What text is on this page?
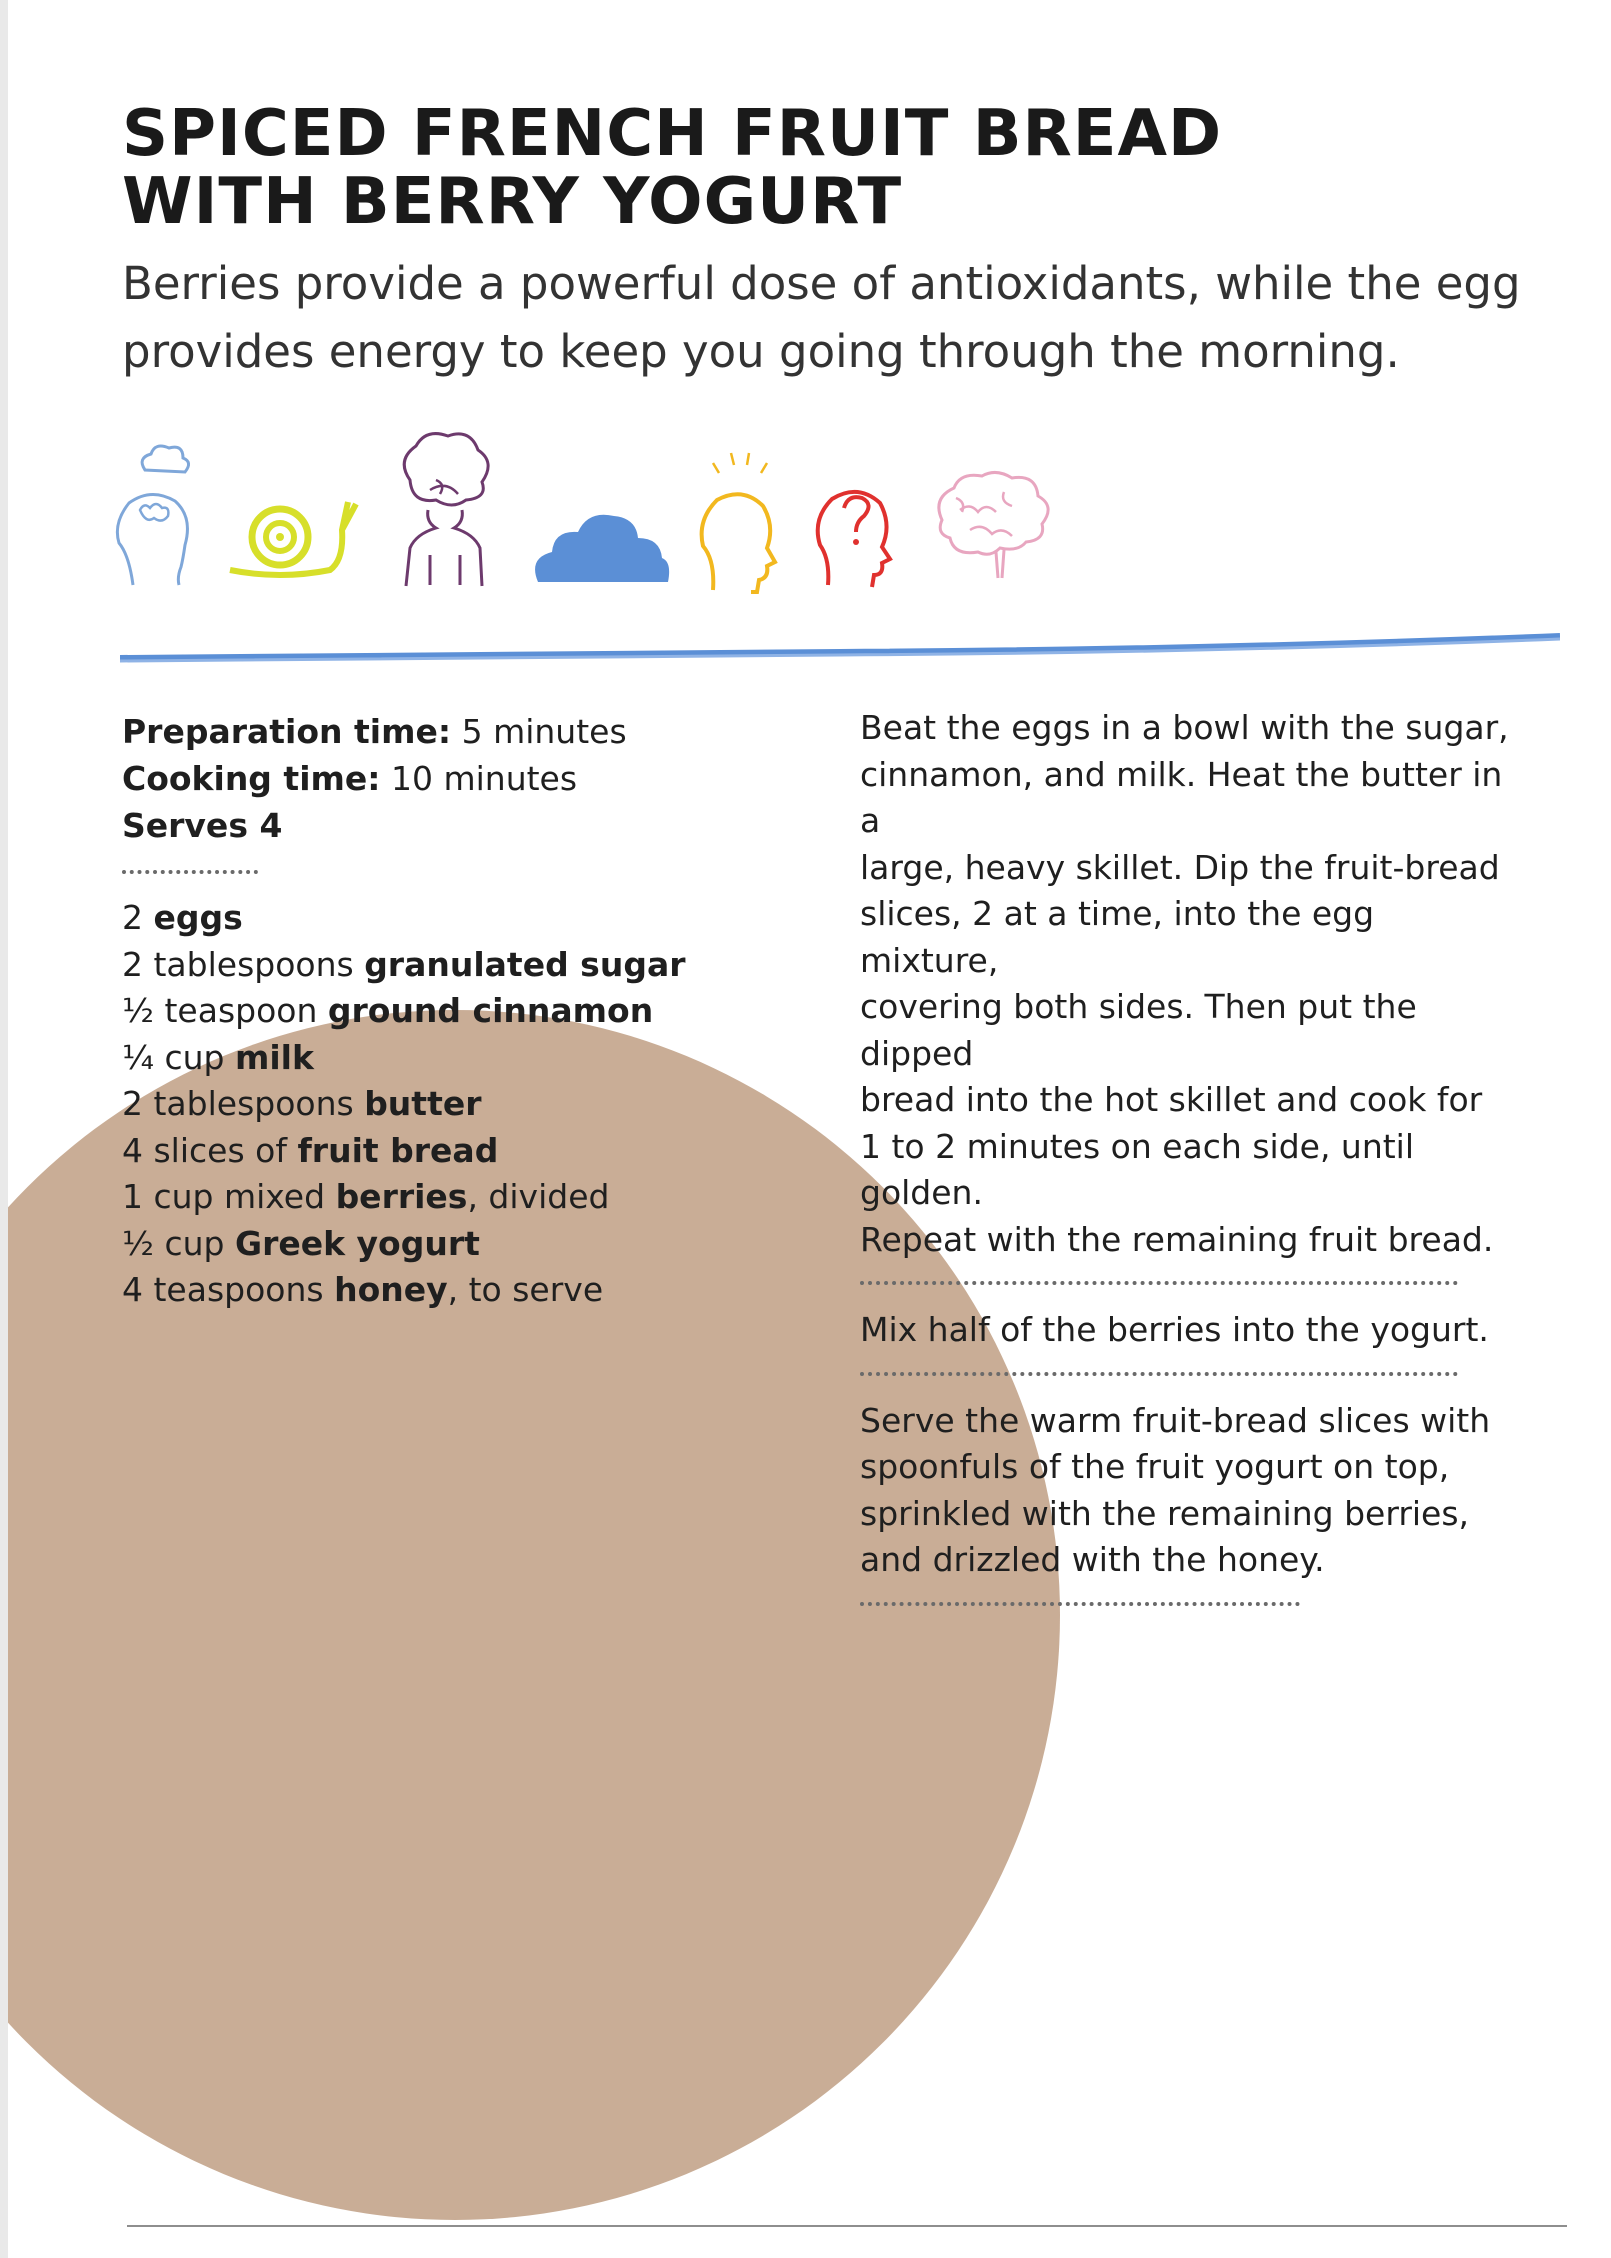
SPICED FRENCH FRUIT BREAD
WITH BERRY YOGURT
Berries provide a powerful dose of antioxidants, while the egg
provides energy to keep you going through the morning.
Preparation time: 5 minutes
Cooking time: 10 minutes
Serves 4
2 eggs
2 tablespoons granulated sugar
½ teaspoon ground cinnamon
¼ cup milk
2 tablespoons butter
4 slices of fruit bread
1 cup mixed berries, divided
½ cup Greek yogurt
4 teaspoons honey, to serve

Beat the eggs in a bowl with the sugar,
cinnamon, and milk. Heat the butter in a
large, heavy skillet. Dip the fruit-bread
slices, 2 at a time, into the egg mixture,
covering both sides. Then put the dipped
bread into the hot skillet and cook for
1 to 2 minutes on each side, until golden.
Repeat with the remaining fruit bread.

Mix half of the berries into the yogurt.

Serve the warm fruit-bread slices with
spoonfuls of the fruit yogurt on top,
sprinkled with the remaining berries,
and drizzled with the honey.
